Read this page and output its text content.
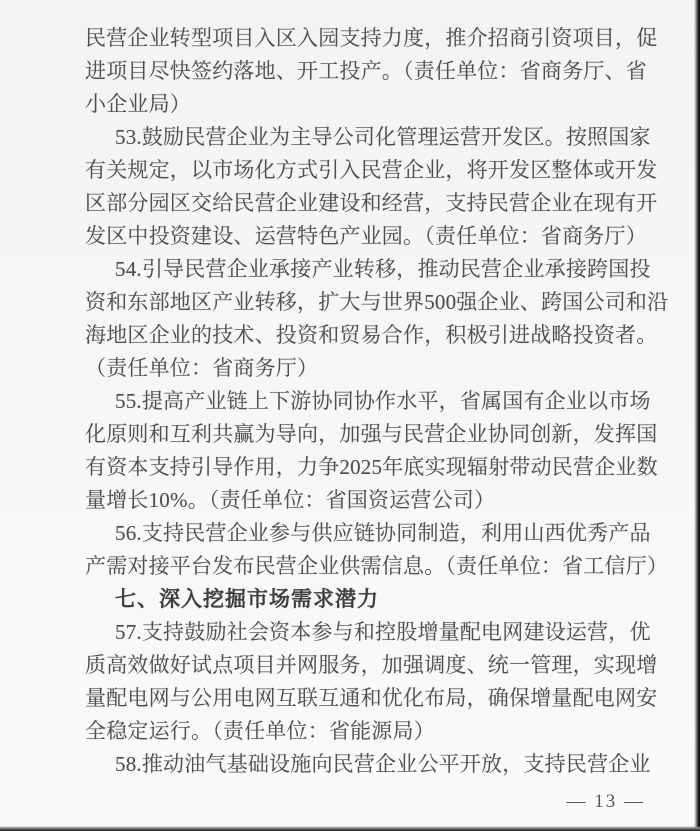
民营企业转型项目入区入园支持力度，推介招商引资项目，促
进项目尽快签约落地、开工投产。（责任单位：省商务厅、省
小企业局）
53.鼓励民营企业为主导公司化管理运营开发区。按照国家
有关规定，以市场化方式引入民营企业，将开发区整体或开发
区部分园区交给民营企业建设和经营，支持民营企业在现有开
发区中投资建设、运营特色产业园。（责任单位：省商务厅）
54.引导民营企业承接产业转移，推动民营企业承接跨国投
资和东部地区产业转移，扩大与世界500强企业、跨国公司和沿
海地区企业的技术、投资和贸易合作，积极引进战略投资者。
（责任单位：省商务厅）
55.提高产业链上下游协同协作水平，省属国有企业以市场
化原则和互利共赢为导向，加强与民营企业协同创新，发挥国
有资本支持引导作用，力争2025年底实现辐射带动民营企业数
量增长10%。（责任单位：省国资运营公司）
56.支持民营企业参与供应链协同制造，利用山西优秀产品
产需对接平台发布民营企业供需信息。（责任单位：省工信厅）
七、深入挖掘市场需求潜力
57.支持鼓励社会资本参与和控股增量配电网建设运营，优
质高效做好试点项目并网服务，加强调度、统一管理，实现增
量配电网与公用电网互联互通和优化布局，确保增量配电网安
全稳定运行。（责任单位：省能源局）
58.推动油气基础设施向民营企业公平开放，支持民营企业
— 13 —
